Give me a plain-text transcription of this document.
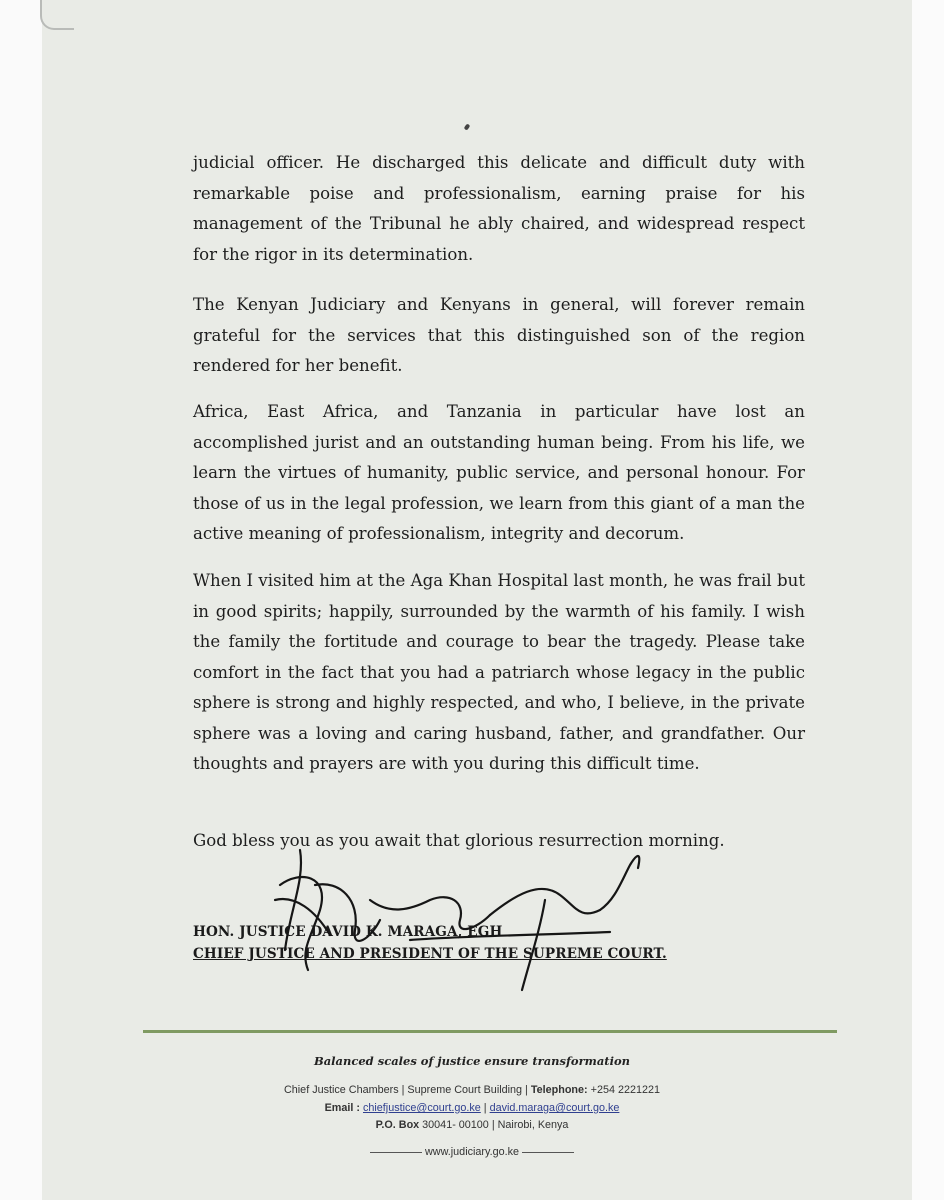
judicial officer. He discharged this delicate and difficult duty with remarkable poise and professionalism, earning praise for his management of the Tribunal he ably chaired, and widespread respect for the rigor in its determination.

The Kenyan Judiciary and Kenyans in general, will forever remain grateful for the services that this distinguished son of the region rendered for her benefit.

Africa, East Africa, and Tanzania in particular have lost an accomplished jurist and an outstanding human being. From his life, we learn the virtues of humanity, public service, and personal honour. For those of us in the legal profession, we learn from this giant of a man the active meaning of professionalism, integrity and decorum.

When I visited him at the Aga Khan Hospital last month, he was frail but in good spirits; happily, surrounded by the warmth of his family. I wish the family the fortitude and courage to bear the tragedy. Please take comfort in the fact that you had a patriarch whose legacy in the public sphere is strong and highly respected, and who, I believe, in the private sphere was a loving and caring husband, father, and grandfather. Our thoughts and prayers are with you during this difficult time.

God bless you as you await that glorious resurrection morning.

HON. JUSTICE DAVID K. MARAGA, EGH
CHIEF JUSTICE AND PRESIDENT OF THE SUPREME COURT.
Balanced scales of justice ensure transformation
Chief Justice Chambers | Supreme Court Building | Telephone: +254 2221221
Email : chiefjustice@court.go.ke | david.maraga@court.go.ke
P.O. Box 30041- 00100 | Nairobi, Kenya
www.judiciary.go.ke
